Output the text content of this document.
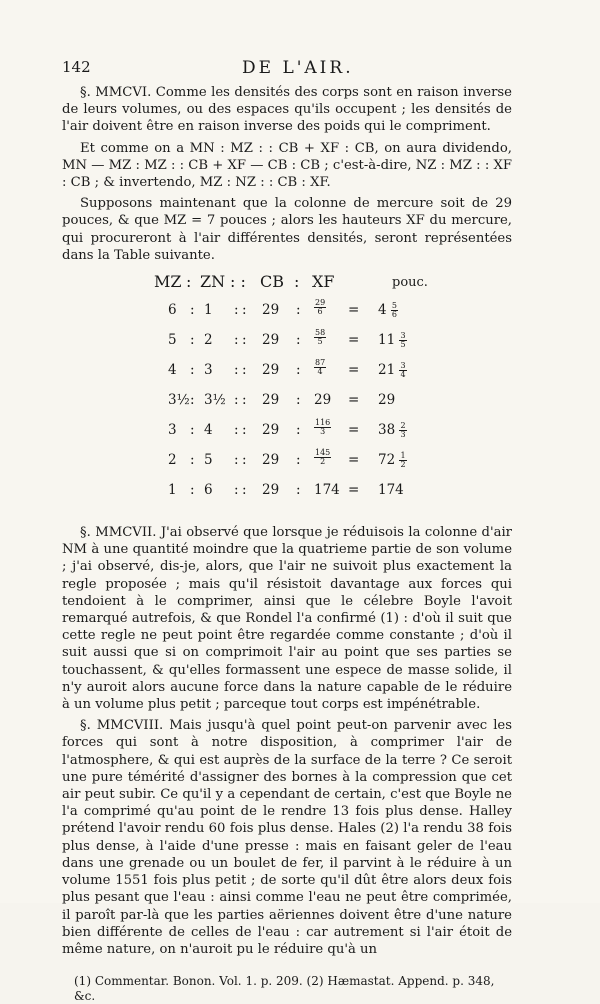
142	DE L'AIR.

§. MMCVI. Comme les densités des corps sont en raison inverse de leurs volumes, ou des espaces qu'ils occupent ; les densités de l'air doivent être en raison inverse des poids qui le compriment.

Et comme on a MN : MZ : : CB + XF : CB, on aura dividendo, MN — MZ : MZ : : CB + XF — CB : CB ; c'est-à-dire, NZ : MZ : : XF : CB ; & invertendo, MZ : NZ : : CB : XF.

Supposons maintenant que la colonne de mercure soit de 29 pouces, & que MZ = 7 pouces ; alors les hauteurs XF du mercure, qui procureront à l'air différentes densités, seront représentées dans la Table suivante.

MZ : ZN : : CB : XF	pouc.
6 : 1 : : 29 : $\frac{29}{6} = 4 \frac{5}{6}$
5 : 2 : : 29 : $\frac{58}{5} = 11 \frac{3}{5}$
4 : 3 : : 29 : $\frac{87}{4} = 21 \frac{3}{4}$
3½ : 3½ : : 29 : 29 = 29
3 : 4 : : 29 : $\frac{116}{3} = 38 \frac{2}{3}$
2 : 5 : : 29 : $\frac{145}{2} = 72 \frac{1}{2}$
1 : 6 : : 29 : 174 = 174

§. MMCVII. J'ai observé que lorsque je réduisois la colonne d'air NM à une quantité moindre que la quatrieme partie de son volume ; j'ai observé, dis-je, alors, que l'air ne suivoit plus exactement la regle proposée ; mais qu'il résistoit davantage aux forces qui tendoient à le comprimer, ainsi que le célebre Boyle l'avoit remarqué autrefois, & que Rondel l'a confirmé (1) : d'où il suit que cette regle ne peut point être regardée comme constante ; d'où il suit aussi que si on comprimoit l'air au point que ses parties se touchassent, & qu'elles formassent une espece de masse solide, il n'y auroit alors aucune force dans la nature capable de le réduire à un volume plus petit ; parceque tout corps est impénétrable.

§. MMCVIII. Mais jusqu'à quel point peut-on parvenir avec les forces qui sont à notre disposition, à comprimer l'air de l'atmosphere, & qui est auprès de la surface de la terre ? Ce seroit une pure témérité d'assigner des bornes à la compression que cet air peut subir. Ce qu'il y a cependant de certain, c'est que Boyle ne l'a comprimé qu'au point de le rendre 13 fois plus dense. Halley prétend l'avoir rendu 60 fois plus dense. Hales (2) l'a rendu 38 fois plus dense, à l'aide d'une presse : mais en faisant geler de l'eau dans une grenade ou un boulet de fer, il parvint à le réduire à un volume 1551 fois plus petit ; de sorte qu'il dût être alors deux fois plus pesant que l'eau : ainsi comme l'eau ne peut être comprimée, il paroît par-là que les parties aëriennes doivent être d'une nature bien différente de celles de l'eau : car autrement si l'air étoit de même nature, on n'auroit pu le réduire qu'à un

(1) Commentar. Bonon. Vol. 1. p. 209. (2) Hæmastat. Append. p. 348, &c.
